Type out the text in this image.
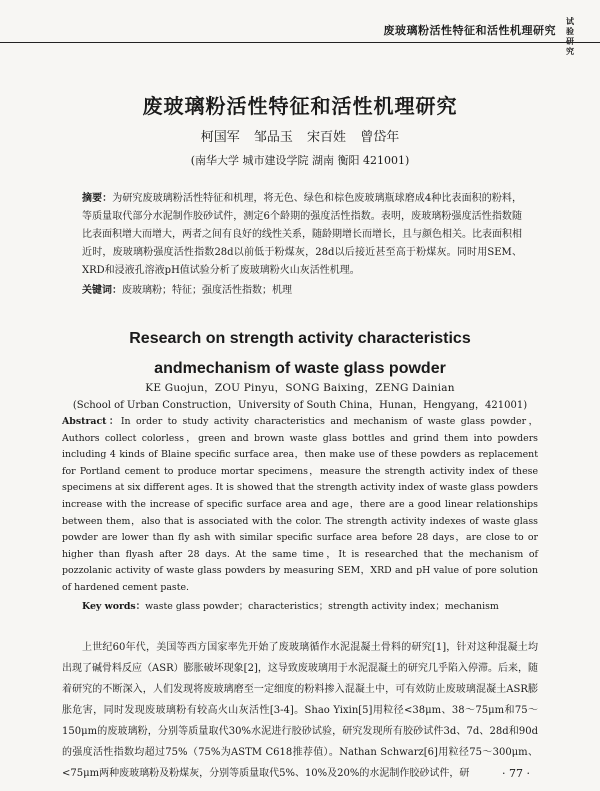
废玻璃粉活性特征和活性机理研究
试验研究
废玻璃粉活性特征和活性机理研究
柯国军 邹品玉 宋百姓 曾岱年
(南华大学 城市建设学院 湖南 衡阳 421001)
摘要：为研究废玻璃粉活性特征和机理，将无色、绿色和棕色废玻璃瓶球磨成4种比表面积的粉料，等质量取代部分水泥制作胶砂试件，测定6个龄期的强度活性指数。表明，废玻璃粉强度活性指数随比表面积增大而增大，两者之间有良好的线性关系，随龄期增长而增长，且与颜色相关。比表面积相近时，废玻璃粉强度活性指数28d以前低于粉煤灰，28d以后接近甚至高于粉煤灰。同时用SEM、XRD和浸液孔溶液pH值试验分析了废玻璃粉火山灰活性机理。
关键词：废玻璃粉；特征；强度活性指数；机理
Research on strength activity characteristics andmechanism of waste glass powder
KE Guojun，ZOU Pinyu，SONG Baixing，ZENG Dainian
(School of Urban Construction，University of South China，Hunan，Hengyang，421001)
Abstract：In order to study activity characteristics and mechanism of waste glass powder，Authors collect colorless，green and brown waste glass bottles and grind them into powders including 4 kinds of Blaine specific surface area，then make use of these powders as replacement for Portland cement to produce mortar specimens，measure the strength activity index of these specimens at six different ages. It is showed that the strength activity index of waste glass powders increase with the increase of specific surface area and age，there are a good linear relationships between them，also that is associated with the color. The strength activity indexes of waste glass powder are lower than fly ash with similar specific surface area before 28 days，are close to or higher than flyash after 28 days. At the same time，It is researched that the mechanism of pozzolanic activity of waste glass powders by measuring SEM，XRD and pH value of pore solution of hardened cement paste.
Key words：waste glass powder；characteristics；strength activity index；mechanism
上世纪60年代，美国等西方国家率先开始了废玻璃循作水泥混凝土骨料的研究[1]，针对这种混凝土均出现了碱骨料反应（ASR）膨胀破坏现象[2]，这导致废玻璃用于水泥混凝土的研究几乎陷入停滞。后来，随着研究的不断深入，人们发现将废玻璃磨至一定细度的粉料掺入混凝土中，可有效防止废玻璃混凝土ASR膨胀危害，同时发现废玻璃粉有较高火山灰活性[3-4]。Shao Yixin[5]用粒径<38μm、38～75μm和75～150μm的废玻璃粉，分别等质量取代30%水泥进行胶砂试验，研究发现所有胶砂试件3d、7d、28d和90d的强度活性指数均超过75%（75%为ASTM C618推荐值）。Nathan Schwarz[6]用粒径75～300μm、<75μm两种废玻璃粉及粉煤灰，分别等质量取代5%、10%及20%的水泥制作胶砂试件，研	· 77 ·
